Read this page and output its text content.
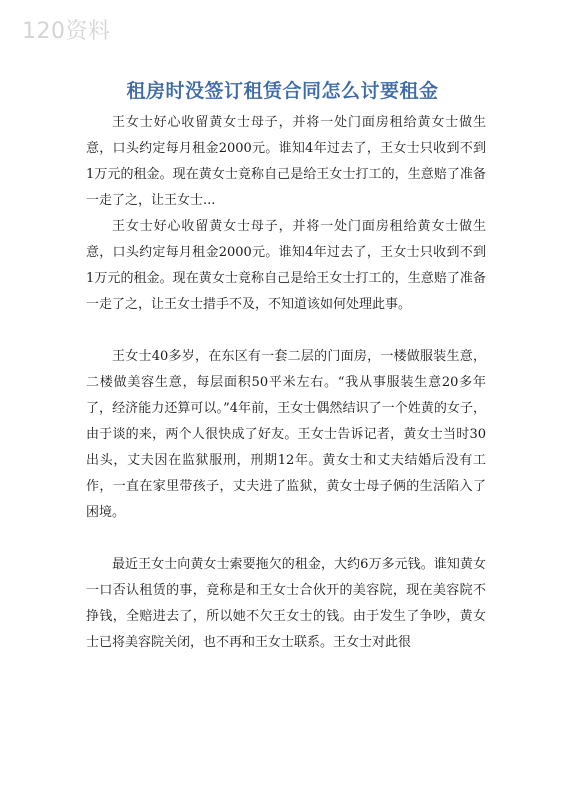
120资料
租房时没签订租赁合同怎么讨要租金

王女士好心收留黄女士母子，并将一处门面房租给黄女士做生意，口头约定每月租金2000元。谁知4年过去了，王女士只收到不到1万元的租金。现在黄女士竟称自己是给王女士打工的，生意赔了准备一走了之，让王女士...

王女士好心收留黄女士母子，并将一处门面房租给黄女士做生意，口头约定每月租金2000元。谁知4年过去了，王女士只收到不到1万元的租金。现在黄女士竟称自己是给王女士打工的，生意赔了准备一走了之，让王女士措手不及，不知道该如何处理此事。

王女士40多岁，在东区有一套二层的门面房，一楼做服装生意，二楼做美容生意，每层面积50平米左右。“我从事服装生意20多年了，经济能力还算可以。”4年前，王女士偶然结识了一个姓黄的女子，由于谈的来，两个人很快成了好友。王女士告诉记者，黄女士当时30出头，丈夫因在监狱服刑，刑期12年。黄女士和丈夫结婚后没有工作，一直在家里带孩子，丈夫进了监狱，黄女士母子俩的生活陷入了困境。

最近王女士向黄女士索要拖欠的租金，大约6万多元钱。谁知黄女一口否认租赁的事，竟称是和王女士合伙开的美容院，现在美容院不挣钱，全赔进去了，所以她不欠王女士的钱。由于发生了争吵，黄女士已将美容院关闭，也不再和王女士联系。王女士对此很
